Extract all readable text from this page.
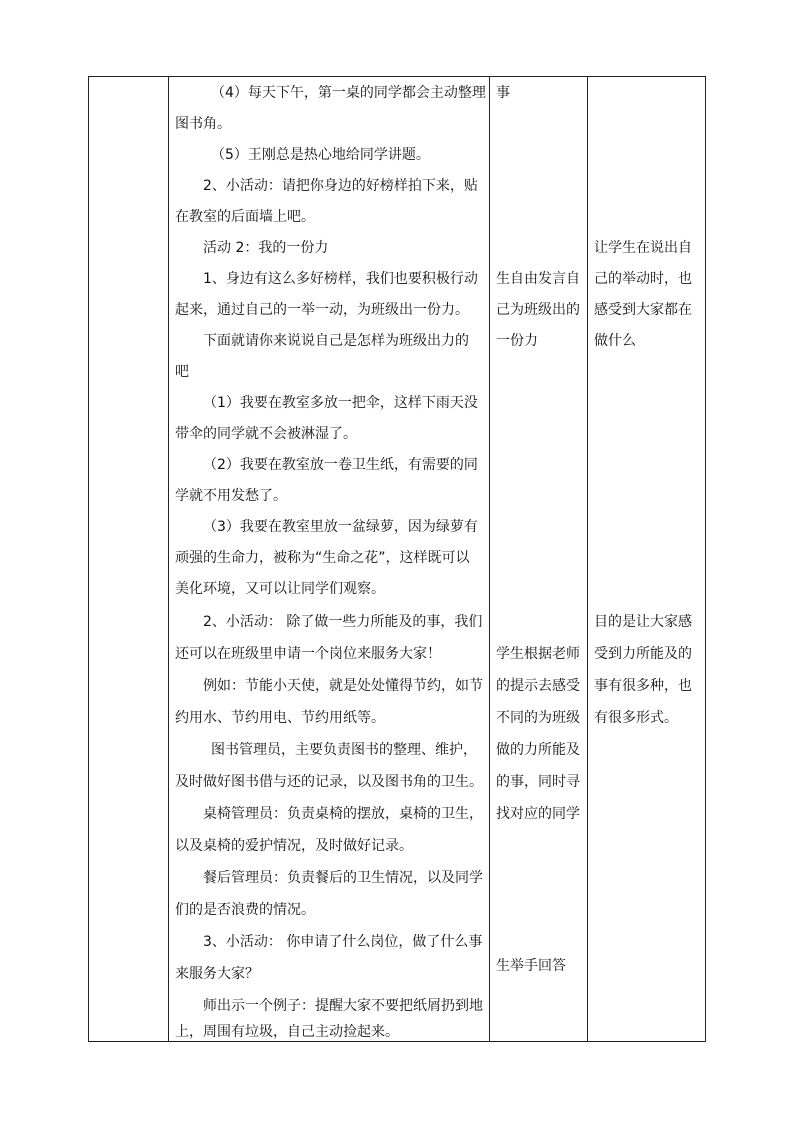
（4）每天下午，第一桌的同学都会主动整理

图书角。

（5）王刚总是热心地给同学讲题。

2、小活动：请把你身边的好榜样拍下来，贴

在教室的后面墙上吧。

活动 2：我的一份力

1、身边有这么多好榜样，我们也要积极行动

起来，通过自己的一举一动，为班级出一份力。

下面就请你来说说自己是怎样为班级出力的

吧

（1）我要在教室多放一把伞，这样下雨天没

带伞的同学就不会被淋湿了。

（2）我要在教室放一卷卫生纸，有需要的同

学就不用发愁了。

（3）我要在教室里放一盆绿萝，因为绿萝有

顽强的生命力，被称为“生命之花”，这样既可以

美化环境，又可以让同学们观察。

2、小活动： 除了做一些力所能及的事，我们

还可以在班级里申请一个岗位来服务大家！

例如：节能小天使，就是处处懂得节约，如节

约用水、节约用电、节约用纸等。

图书管理员，主要负责图书的整理、维护，

及时做好图书借与还的记录，以及图书角的卫生。

桌椅管理员：负责桌椅的摆放，桌椅的卫生，

以及桌椅的爱护情况，及时做好记录。

餐后管理员：负责餐后的卫生情况，以及同学

们的是否浪费的情况。

3、小活动： 你申请了什么岗位，做了什么事

来服务大家？

师出示一个例子：提醒大家不要把纸屑扔到地

上，周围有垃圾，自己主动捡起来。

事

生自由发言自

己为班级出的

一份力

学生根据老师

的提示去感受

不同的为班级

做的力所能及

的事，同时寻

找对应的同学

生举手回答

让学生在说出自

己的举动时，也

感受到大家都在

做什么

目的是让大家感

受到力所能及的

事有很多种，也

有很多形式。
